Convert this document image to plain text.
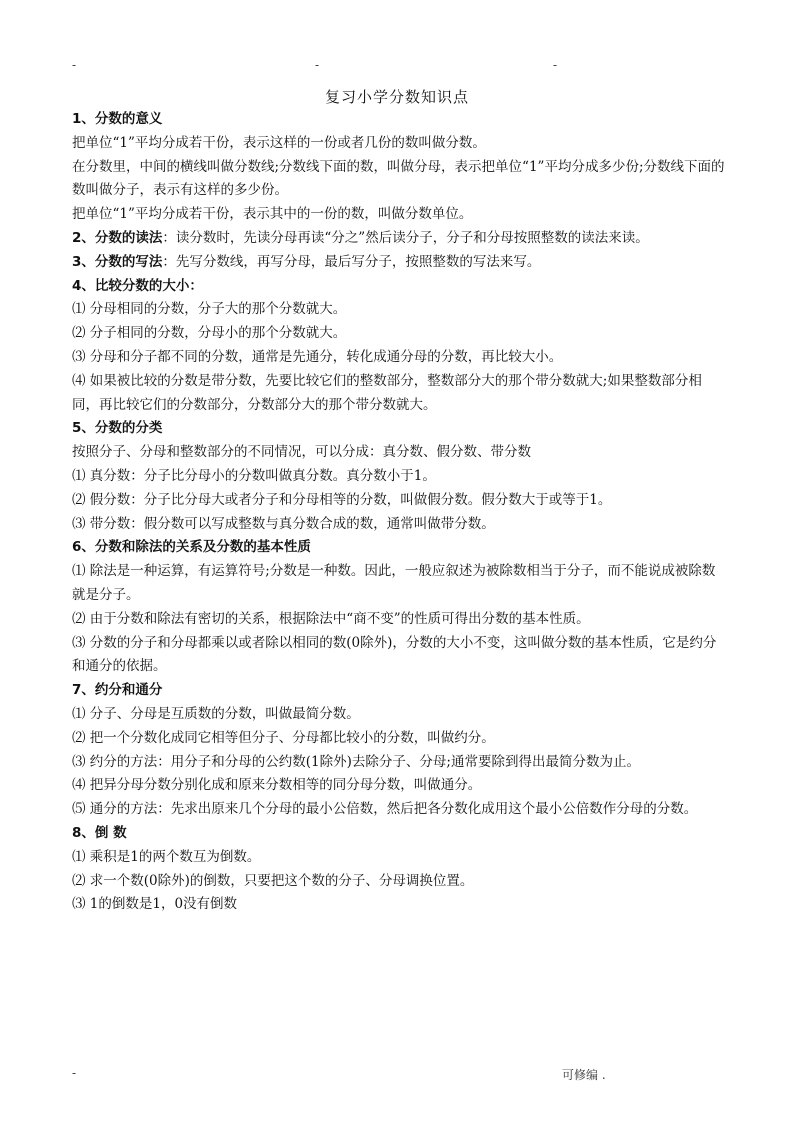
-	-	-
复习小学分数知识点

1、分数的意义

把单位“1”平均分成若干份，表示这样的一份或者几份的数叫做分数。

在分数里，中间的横线叫做分数线;分数线下面的数，叫做分母，表示把单位“1”平均分成多少份;分数线下面的数叫做分子，表示有这样的多少份。

把单位“1”平均分成若干份，表示其中的一份的数，叫做分数单位。

2、分数的读法：读分数时，先读分母再读“分之”然后读分子，分子和分母按照整数的读法来读。

3、分数的写法：先写分数线，再写分母，最后写分子，按照整数的写法来写。

4、比较分数的大小：

⑴ 分母相同的分数，分子大的那个分数就大。

⑵ 分子相同的分数，分母小的那个分数就大。

⑶ 分母和分子都不同的分数，通常是先通分，转化成通分母的分数，再比较大小。

⑷ 如果被比较的分数是带分数，先要比较它们的整数部分，整数部分大的那个带分数就大;如果整数部分相同，再比较它们的分数部分，分数部分大的那个带分数就大。

5、分数的分类

按照分子、分母和整数部分的不同情况，可以分成：真分数、假分数、带分数

⑴ 真分数：分子比分母小的分数叫做真分数。真分数小于1。

⑵ 假分数：分子比分母大或者分子和分母相等的分数，叫做假分数。假分数大于或等于1。

⑶ 带分数：假分数可以写成整数与真分数合成的数，通常叫做带分数。

6、分数和除法的关系及分数的基本性质

⑴ 除法是一种运算，有运算符号;分数是一种数。因此，一般应叙述为被除数相当于分子，而不能说成被除数就是分子。

⑵ 由于分数和除法有密切的关系，根据除法中“商不变”的性质可得出分数的基本性质。

⑶ 分数的分子和分母都乘以或者除以相同的数(0除外)，分数的大小不变，这叫做分数的基本性质，它是约分和通分的依据。

7、约分和通分

⑴ 分子、分母是互质数的分数，叫做最简分数。

⑵ 把一个分数化成同它相等但分子、分母都比较小的分数，叫做约分。

⑶ 约分的方法：用分子和分母的公约数(1除外)去除分子、分母;通常要除到得出最简分数为止。

⑷ 把异分母分数分别化成和原来分数相等的同分母分数，叫做通分。

⑸ 通分的方法：先求出原来几个分母的最小公倍数，然后把各分数化成用这个最小公倍数作分母的分数。

8、倒 数

⑴ 乘积是1的两个数互为倒数。

⑵ 求一个数(0除外)的倒数，只要把这个数的分子、分母调换位置。

⑶ 1的倒数是1，0没有倒数

-	可修编 .
